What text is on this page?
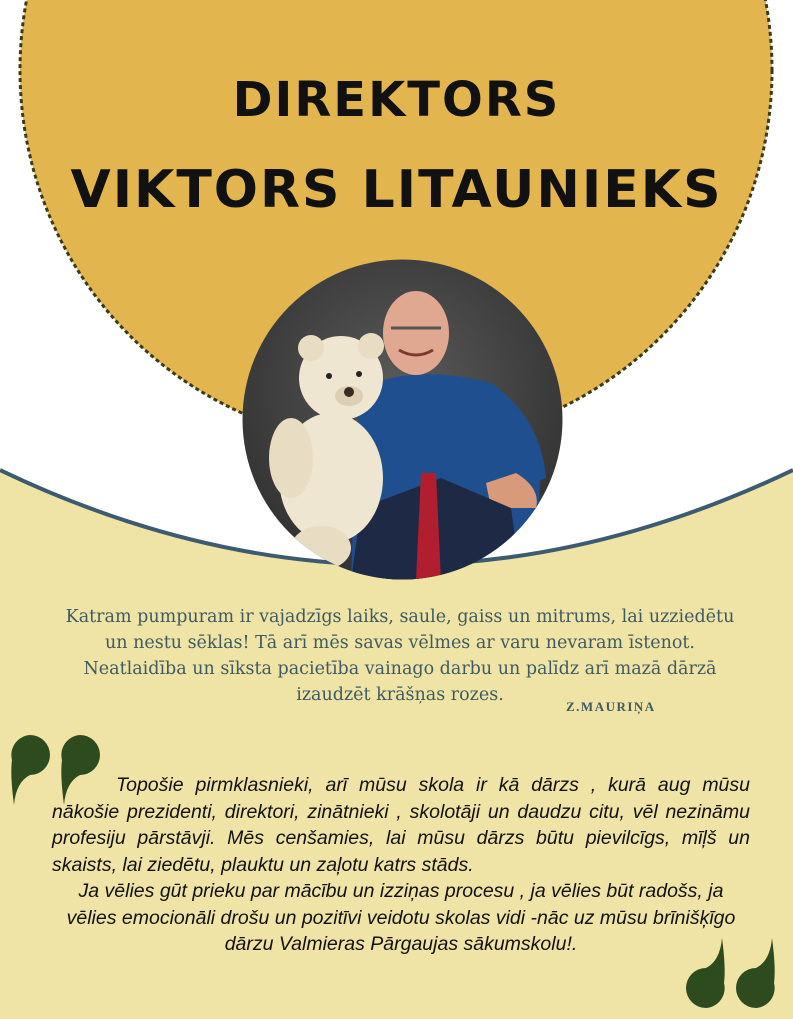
DIREKTORS
VIKTORS LITAUNIEKS

Katram pumpuram ir vajadzīgs laiks, saule, gaiss un mitrums, lai uzziedētu un nestu sēklas! Tā arī mēs savas vēlmes ar varu nevaram īstenot. Neatlaidība un sīksta pacietība vainago darbu un palīdz arī mazā dārzā izaudzēt krāšņas rozes.

Z.MAURIŅA

Topošie pirmklasnieki, arī mūsu skola ir kā dārzs , kurā aug mūsu nākošie prezidenti, direktori, zinātnieki , skolotāji un daudzu citu, vēl nezināmu profesiju pārstāvji. Mēs cenšamies, lai mūsu dārzs būtu pievilcīgs, mīļš un skaists, lai ziedētu, plauktu un zaļotu katrs stāds.
Ja vēlies gūt prieku par mācību un izziņas procesu , ja vēlies būt radošs, ja vēlies emocionāli drošu un pozitīvi veidotu skolas vidi -nāc uz mūsu brīnišķīgo dārzu Valmieras Pārgaujas sākumskolu!.
